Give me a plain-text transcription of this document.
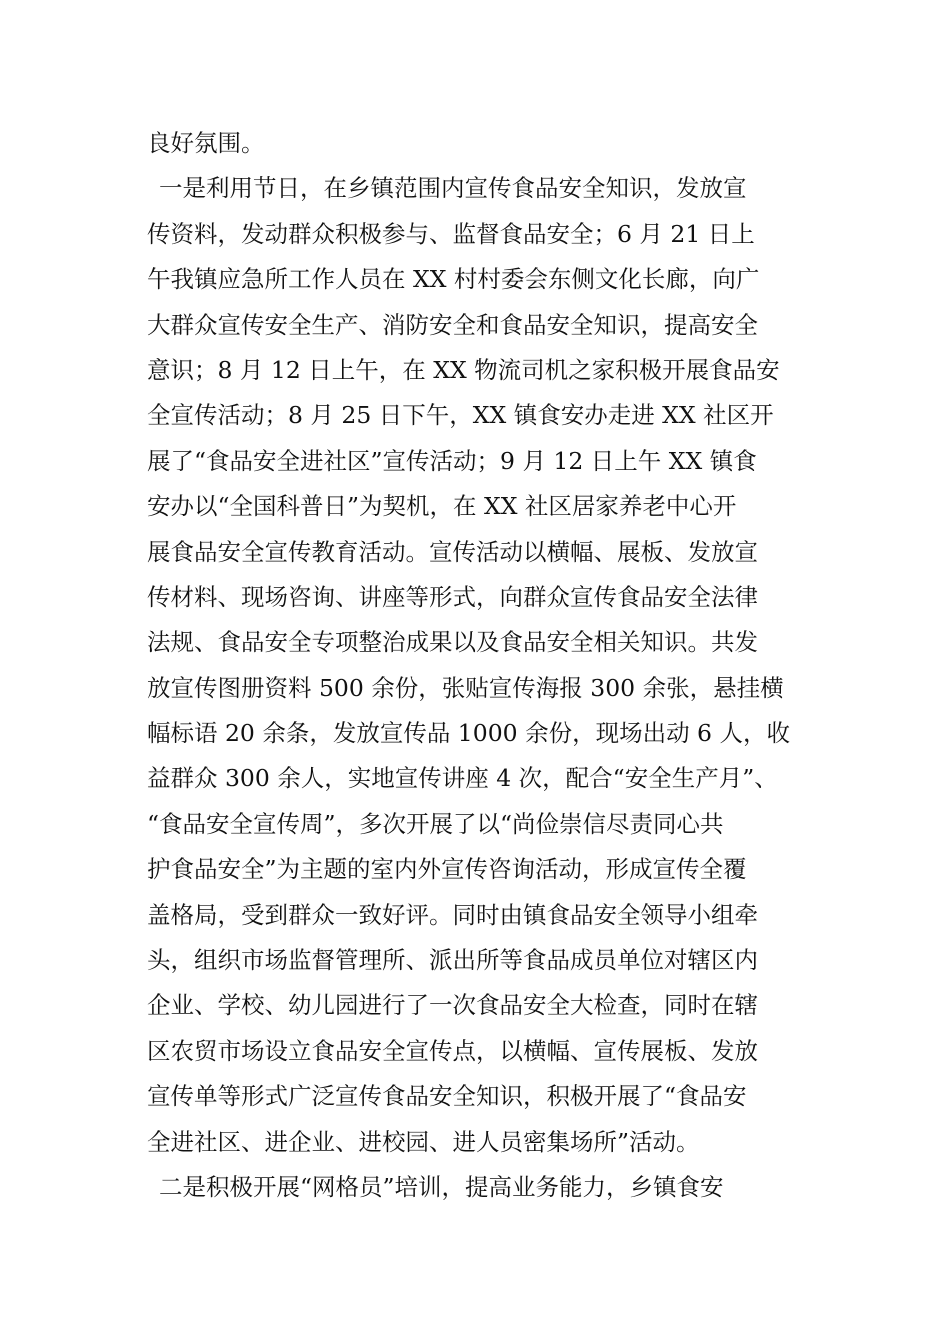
良好氛围。
一是利用节日，在乡镇范围内宣传食品安全知识，发放宣
传资料，发动群众积极参与、监督食品安全；6 月 21 日上
午我镇应急所工作人员在 XX 村村委会东侧文化长廊，向广
大群众宣传安全生产、消防安全和食品安全知识，提高安全
意识；8 月 12 日上午，在 XX 物流司机之家积极开展食品安
全宣传活动；8 月 25 日下午，XX 镇食安办走进 XX 社区开
展了“食品安全进社区”宣传活动；9 月 12 日上午 XX 镇食
安办以“全国科普日”为契机，在 XX 社区居家养老中心开
展食品安全宣传教育活动。宣传活动以横幅、展板、发放宣
传材料、现场咨询、讲座等形式，向群众宣传食品安全法律
法规、食品安全专项整治成果以及食品安全相关知识。共发
放宣传图册资料 500 余份，张贴宣传海报 300 余张，悬挂横
幅标语 20 余条，发放宣传品 1000 余份，现场出动 6 人，收
益群众 300 余人，实地宣传讲座 4 次，配合“安全生产月”、
“食品安全宣传周”，多次开展了以“尚俭崇信尽责同心共
护食品安全”为主题的室内外宣传咨询活动，形成宣传全覆
盖格局，受到群众一致好评。同时由镇食品安全领导小组牵
头，组织市场监督管理所、派出所等食品成员单位对辖区内
企业、学校、幼儿园进行了一次食品安全大检查，同时在辖
区农贸市场设立食品安全宣传点，以横幅、宣传展板、发放
宣传单等形式广泛宣传食品安全知识，积极开展了“食品安
全进社区、进企业、进校园、进人员密集场所”活动。
二是积极开展“网格员”培训，提高业务能力，乡镇食安
